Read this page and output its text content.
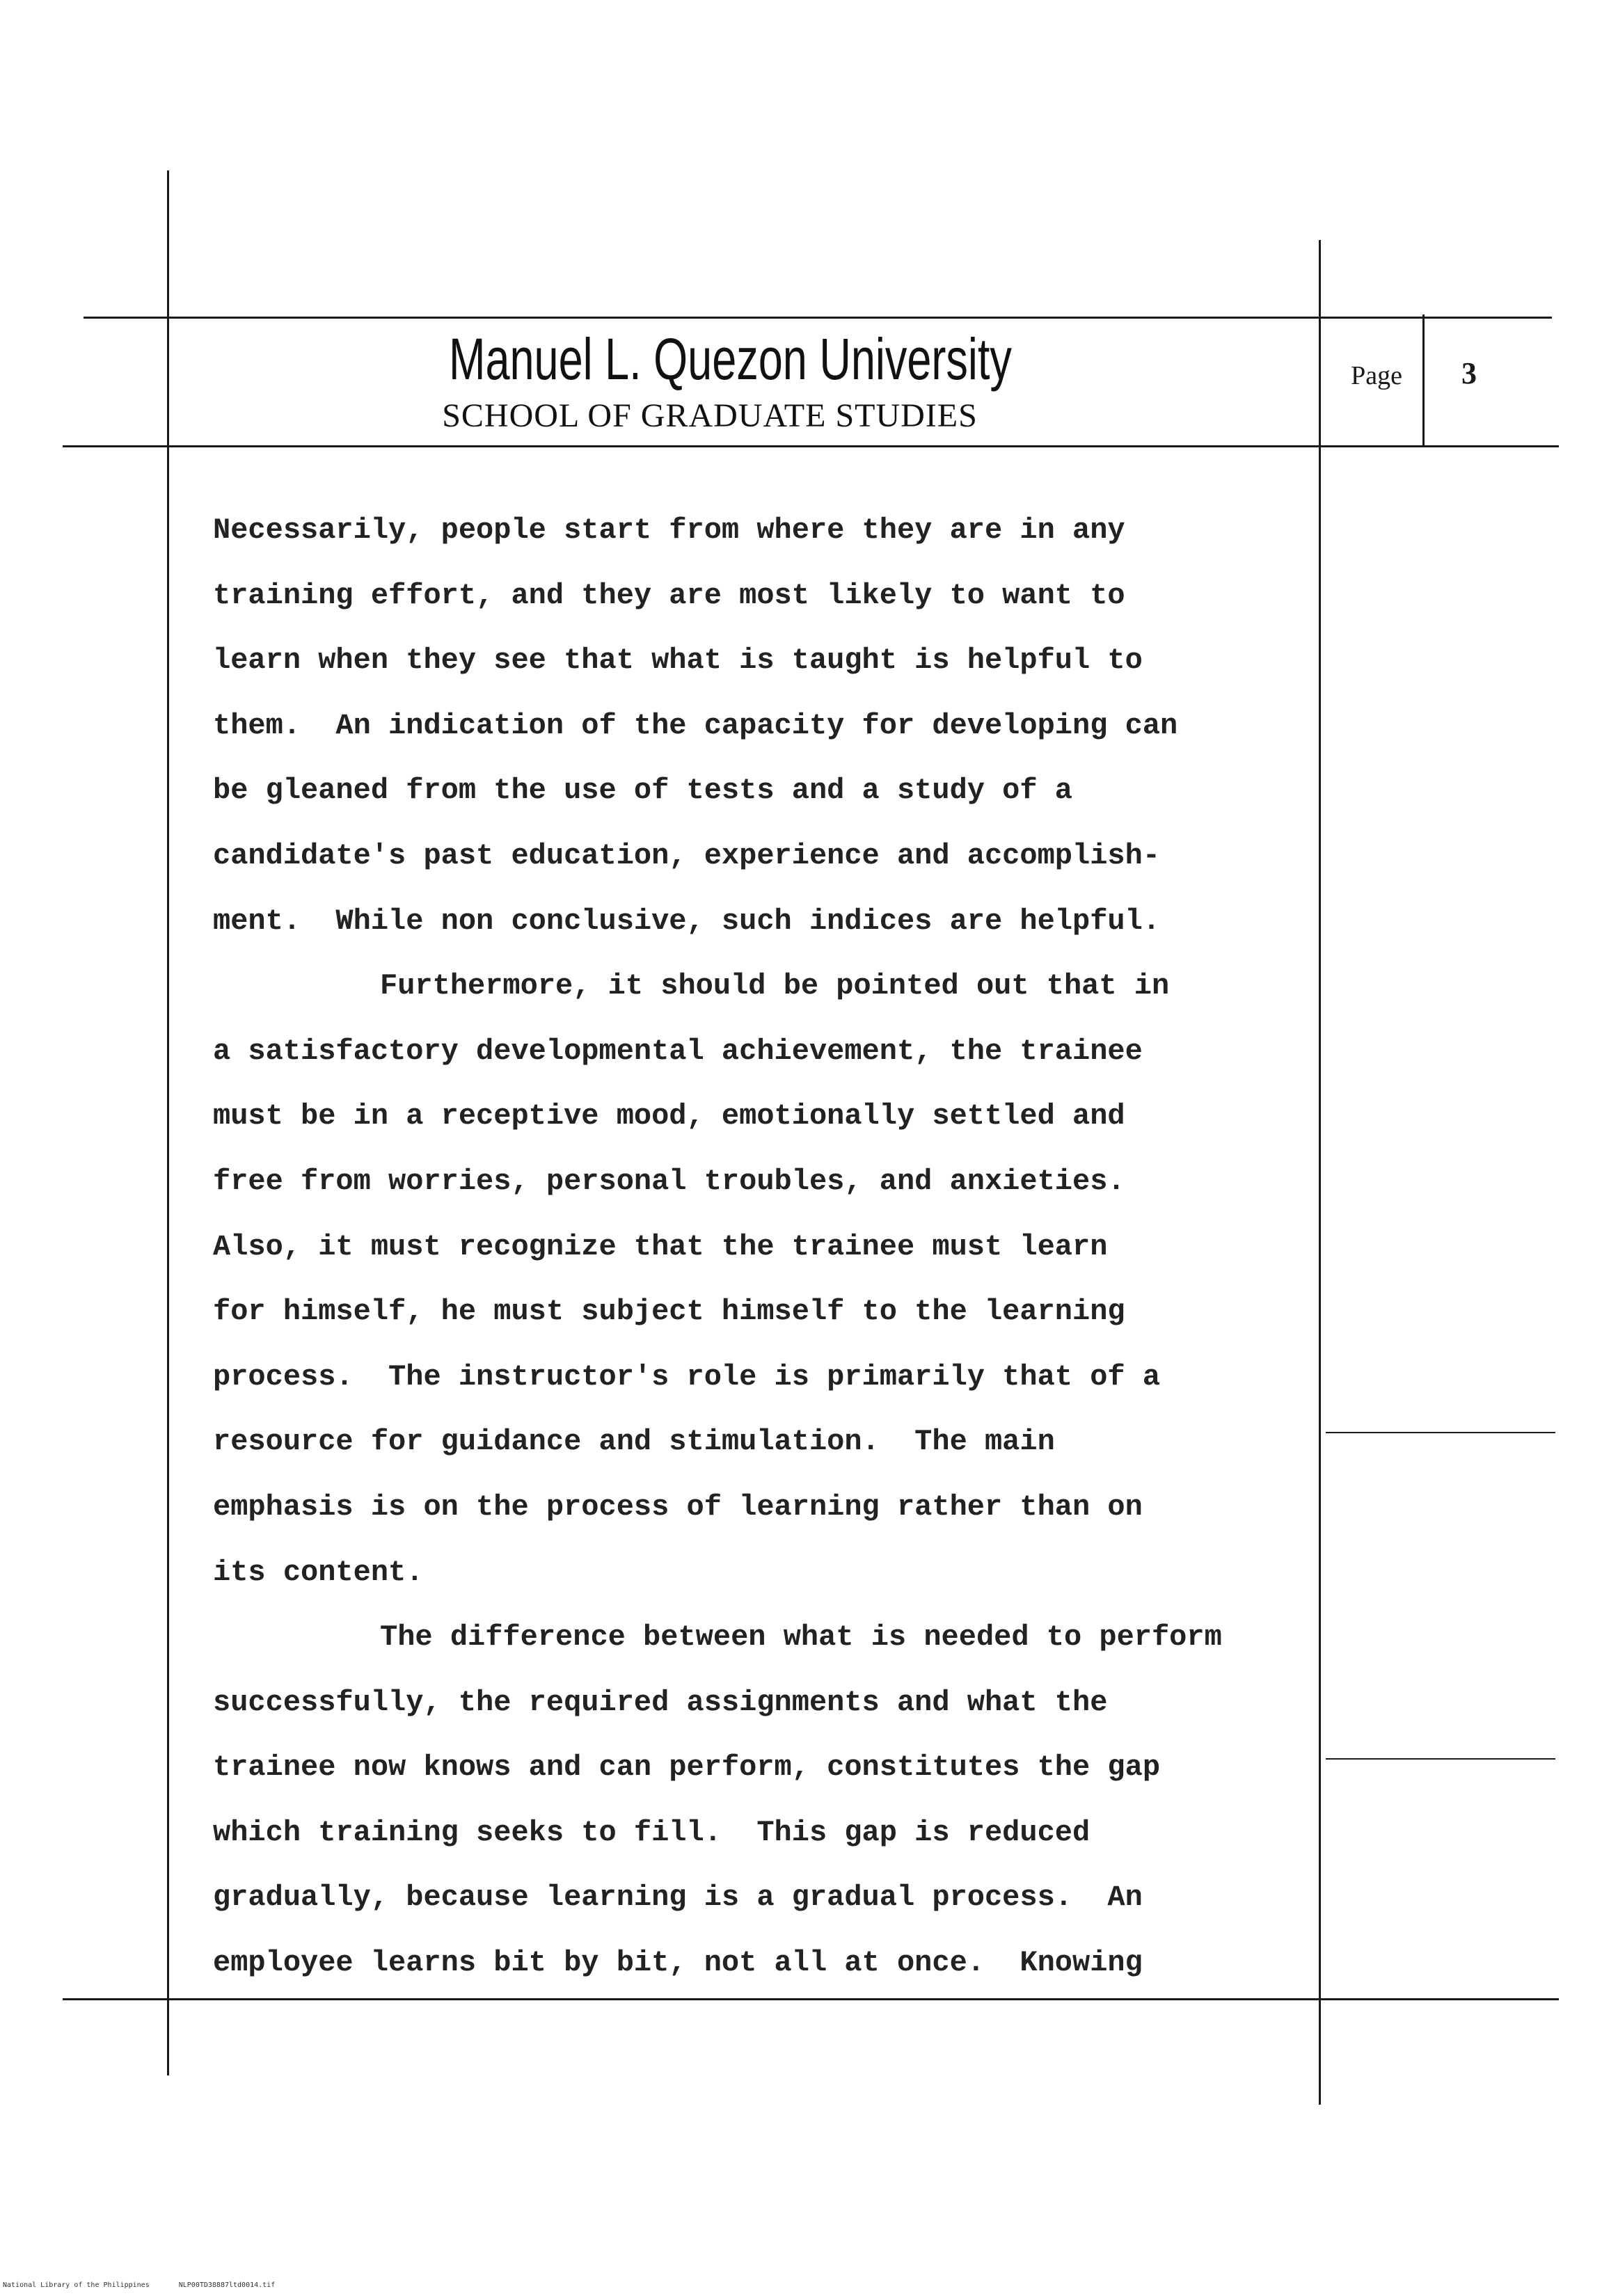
Manuel L. Quezon University
SCHOOL OF GRADUATE STUDIES
Page	3
Necessarily, people start from where they are in any
training effort, and they are most likely to want to
learn when they see that what is taught is helpful to
them.  An indication of the capacity for developing can
be gleaned from the use of tests and a study of a
candidate's past education, experience and accomplish-
ment.  While non conclusive, such indices are helpful.
Furthermore, it should be pointed out that in
a satisfactory developmental achievement, the trainee
must be in a receptive mood, emotionally settled and
free from worries, personal troubles, and anxieties.
Also, it must recognize that the trainee must learn
for himself, he must subject himself to the learning
process.  The instructor's role is primarily that of a
resource for guidance and stimulation.  The main
emphasis is on the process of learning rather than on
its content.
The difference between what is needed to perform
successfully, the required assignments and what the
trainee now knows and can perform, constitutes the gap
which training seeks to fill.  This gap is reduced
gradually, because learning is a gradual process.  An
employee learns bit by bit, not all at once.  Knowing
National Library of the Philippines	NLP00TD38887ltd0014.tif
